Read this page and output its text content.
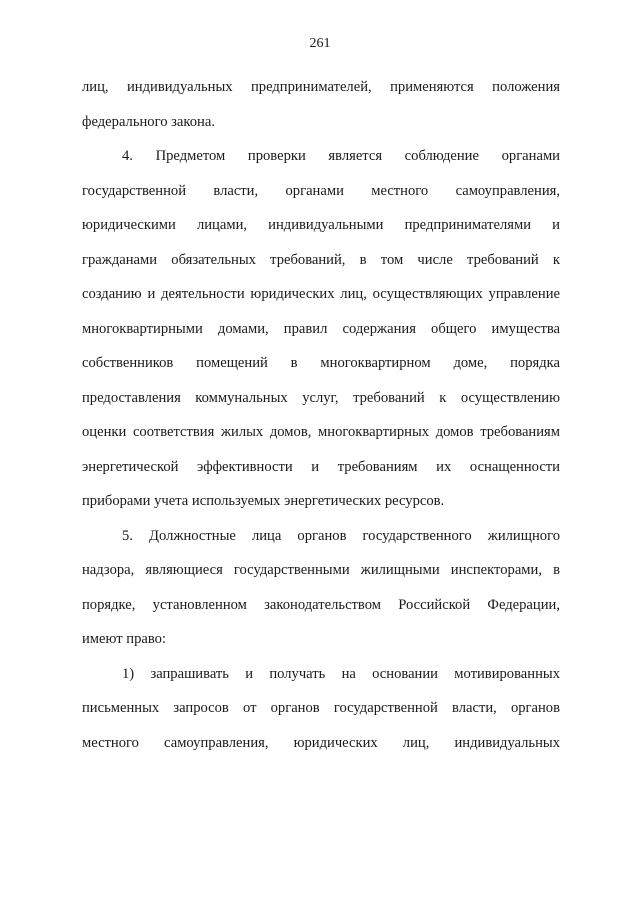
261
лиц, индивидуальных предпринимателей, применяются положения
федерального закона.
4. Предметом проверки является соблюдение органами
государственной власти, органами местного самоуправления,
юридическими лицами, индивидуальными предпринимателями и
гражданами обязательных требований, в том числе требований к
созданию и деятельности юридических лиц, осуществляющих управление
многоквартирными домами, правил содержания общего имущества
собственников помещений в многоквартирном доме, порядка
предоставления коммунальных услуг, требований к осуществлению
оценки соответствия жилых домов, многоквартирных домов требованиям
энергетической эффективности и требованиям их оснащенности
приборами учета используемых энергетических ресурсов.
5. Должностные лица органов государственного жилищного
надзора, являющиеся государственными жилищными инспекторами, в
порядке, установленном законодательством Российской Федерации,
имеют право:
1) запрашивать и получать на основании мотивированных
письменных запросов от органов государственной власти, органов
местного самоуправления, юридических лиц, индивидуальных
